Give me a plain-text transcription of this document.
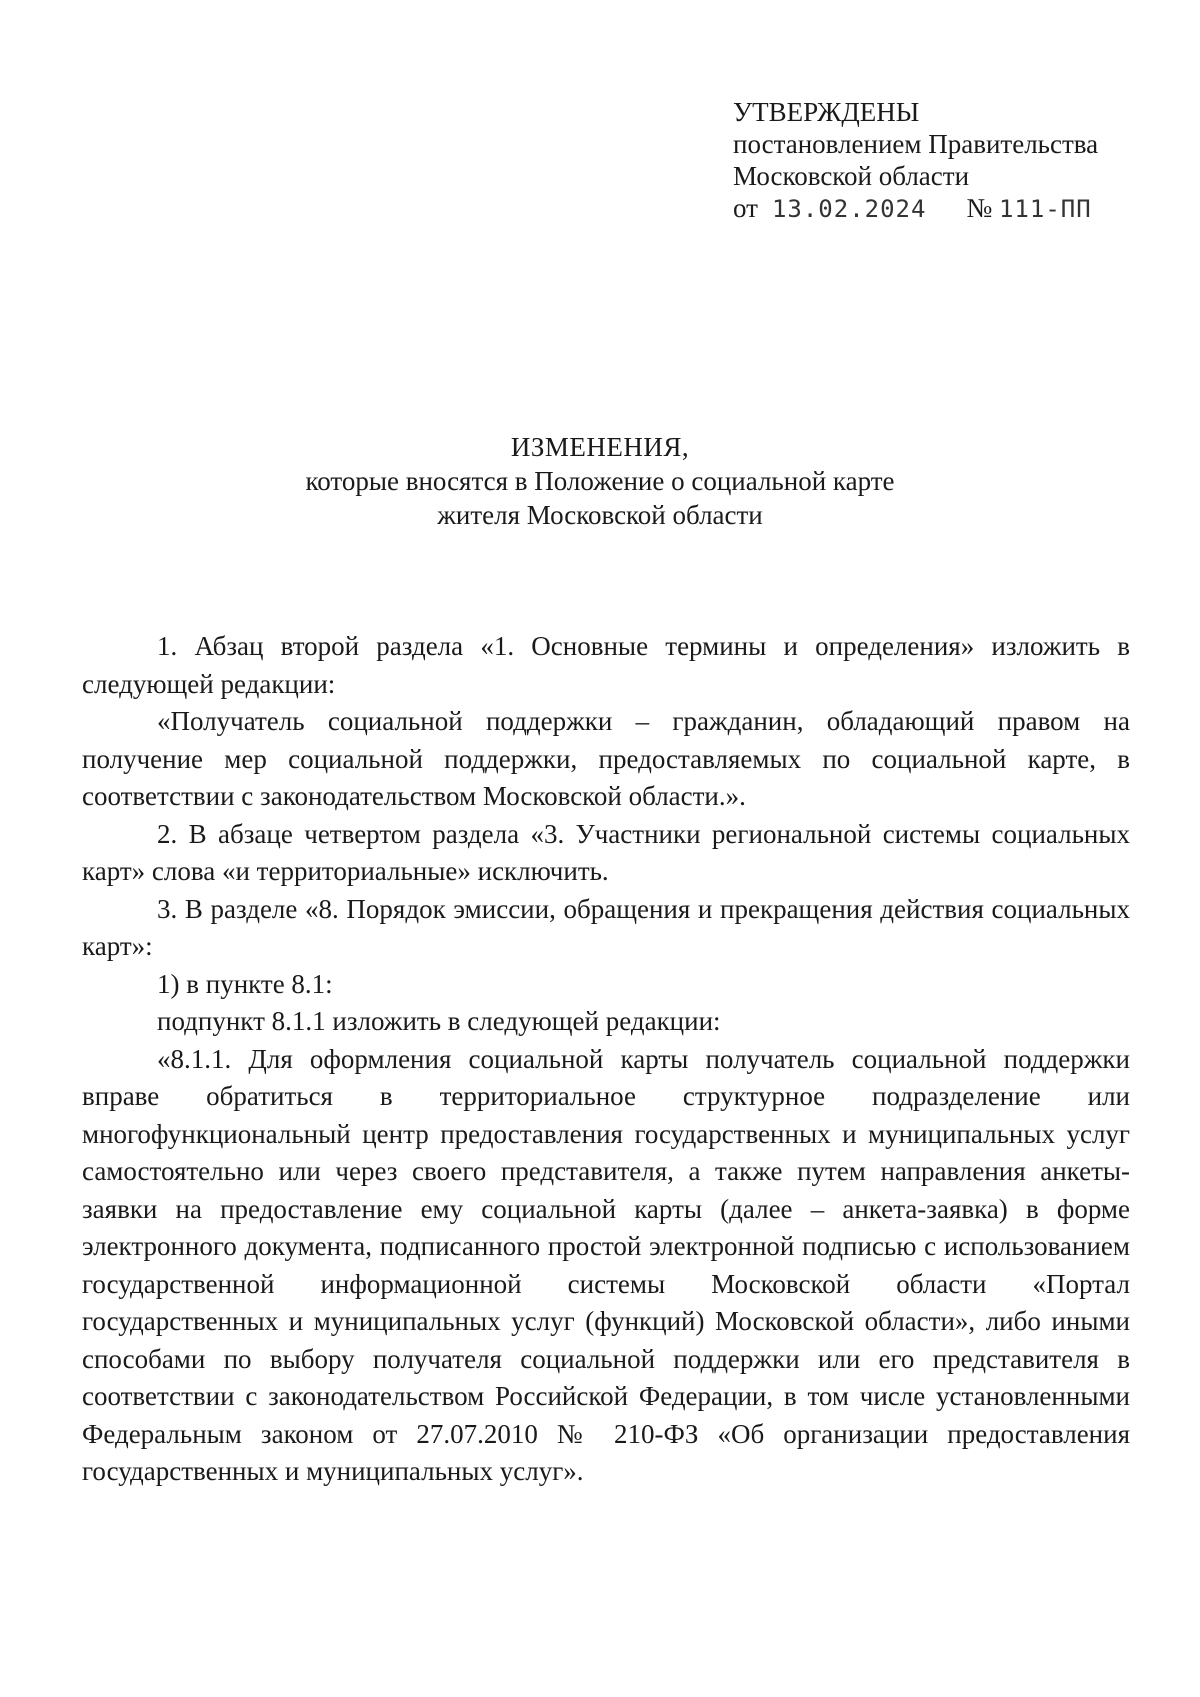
УТВЕРЖДЕНЫ
постановлением Правительства
Московской области
от 13.02.2024 № 111-ПП
ИЗМЕНЕНИЯ,
которые вносятся в Положение о социальной карте
жителя Московской области

1. Абзац второй раздела «1. Основные термины и определения» изложить в следующей редакции:

«Получатель социальной поддержки – гражданин, обладающий правом на получение мер социальной поддержки, предоставляемых по социальной карте, в соответствии с законодательством Московской области.».

2. В абзаце четвертом раздела «3. Участники региональной системы социальных карт» слова «и территориальные» исключить.

3. В разделе «8. Порядок эмиссии, обращения и прекращения действия социальных карт»:

1) в пункте 8.1:

подпункт 8.1.1 изложить в следующей редакции:

«8.1.1. Для оформления социальной карты получатель социальной поддержки вправе обратиться в территориальное структурное подразделение или многофункциональный центр предоставления государственных и муниципальных услуг самостоятельно или через своего представителя, а также путем направления анкеты-заявки на предоставление ему социальной карты (далее – анкета-заявка) в форме электронного документа, подписанного простой электронной подписью с использованием государственной информационной системы Московской области «Портал государственных и муниципальных услуг (функций) Московской области», либо иными способами по выбору получателя социальной поддержки или его представителя в соответствии с законодательством Российской Федерации, в том числе установленными Федеральным законом от 27.07.2010 № 210-ФЗ «Об организации предоставления государственных и муниципальных услуг».
